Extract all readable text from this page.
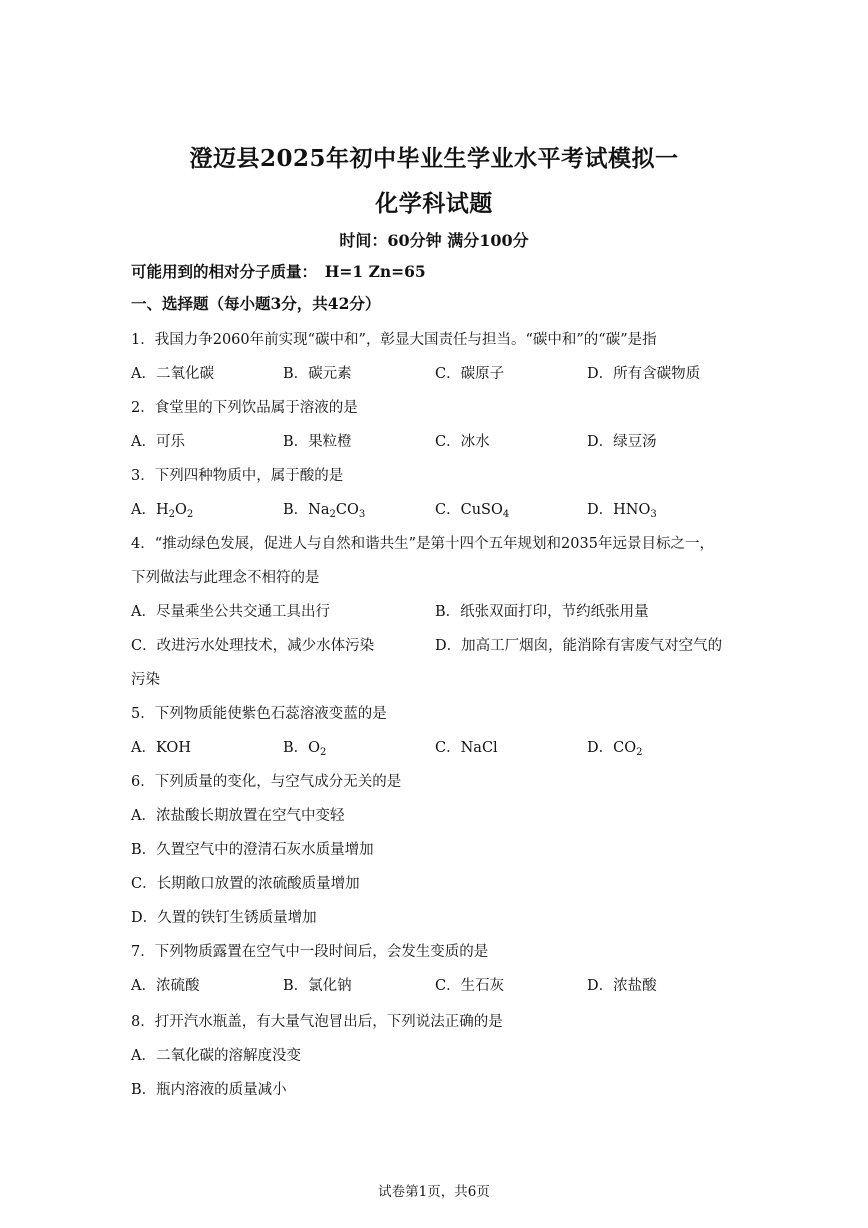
澄迈县2025年初中毕业生学业水平考试模拟一
化学科试题
时间：60分钟 满分100分
可能用到的相对分子质量：　H=1 Zn=65
一、选择题（每小题3分，共42分）
1．我国力争2060年前实现“碳中和”，彰显大国责任与担当。“碳中和”的“碳”是指
A．二氧化碳	B．碳元素	C．碳原子	D．所有含碳物质
2．食堂里的下列饮品属于溶液的是
A．可乐	B．果粒橙	C．冰水	D．绿豆汤
3．下列四种物质中，属于酸的是
A．$H_2O_2$	B．$Na_2CO_3$	C．CuSO$_4$	D．$HNO_3$
4．“推动绿色发展，促进人与自然和谐共生”是第十四个五年规划和2035年远景目标之一，
下列做法与此理念不相符的是
A．尽量乘坐公共交通工具出行	B．纸张双面打印，节约纸张用量
C．改进污水处理技术，减少水体污染	D．加高工厂烟囱，能消除有害废气对空气的
污染
5．下列物质能使紫色石蕊溶液变蓝的是
A．KOH	B．$O_2$	C．NaCl	D．$CO_2$
6．下列质量的变化，与空气成分无关的是
A．浓盐酸长期放置在空气中变轻
B．久置空气中的澄清石灰水质量增加
C．长期敞口放置的浓硫酸质量增加
D．久置的铁钉生锈质量增加
7．下列物质露置在空气中一段时间后，会发生变质的是
A．浓硫酸	B．氯化钠	C．生石灰	D．浓盐酸
8．打开汽水瓶盖，有大量气泡冒出后，下列说法正确的是
A．二氧化碳的溶解度没变
B．瓶内溶液的质量减小
试卷第1页，共6页
